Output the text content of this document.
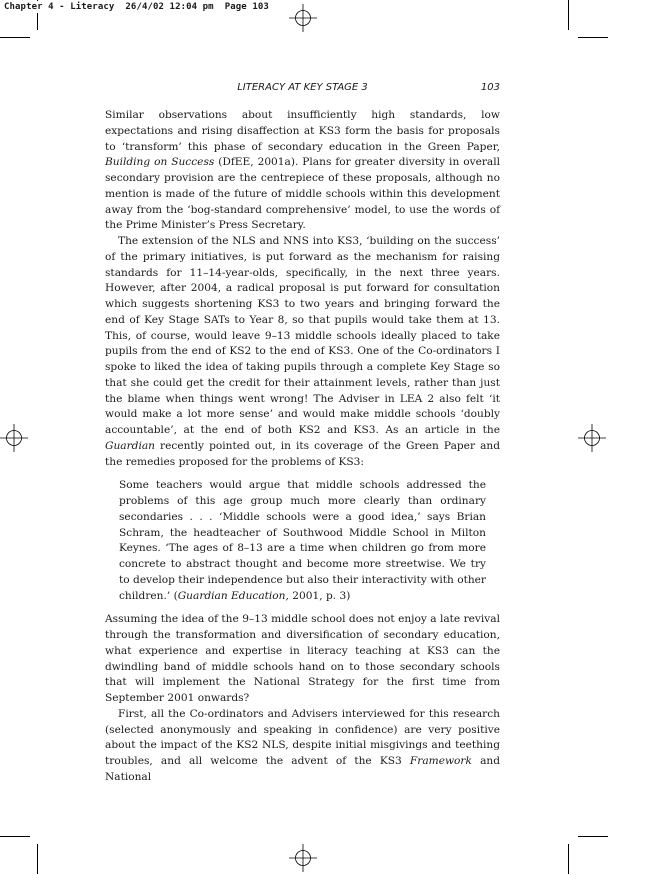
Chapter 4 - Literacy  26/4/02 12:04 pm  Page 103
LITERACY AT KEY STAGE 3	103

Similar observations about insufficiently high standards, low expectations and rising disaffection at KS3 form the basis for proposals to ‘transform’ this phase of secondary education in the Green Paper, Building on Success (DfEE, 2001a). Plans for greater diversity in overall secondary provision are the centrepiece of these proposals, although no mention is made of the future of middle schools within this development away from the ‘bog-standard comprehensive’ model, to use the words of the Prime Minister’s Press Secretary.

The extension of the NLS and NNS into KS3, ‘building on the success’ of the primary initiatives, is put forward as the mechanism for raising standards for 11–14-year-olds, specifically, in the next three years. However, after 2004, a radical proposal is put forward for consultation which suggests shortening KS3 to two years and bringing forward the end of Key Stage SATs to Year 8, so that pupils would take them at 13. This, of course, would leave 9–13 middle schools ideally placed to take pupils from the end of KS2 to the end of KS3. One of the Co-ordinators I spoke to liked the idea of taking pupils through a complete Key Stage so that she could get the credit for their attainment levels, rather than just the blame when things went wrong! The Adviser in LEA 2 also felt ‘it would make a lot more sense’ and would make middle schools ‘doubly accountable’, at the end of both KS2 and KS3. As an article in the Guardian recently pointed out, in its coverage of the Green Paper and the remedies proposed for the problems of KS3:

Some teachers would argue that middle schools addressed the problems of this age group much more clearly than ordinary secondaries . . . ‘Middle schools were a good idea,’ says Brian Schram, the headteacher of Southwood Middle School in Milton Keynes. ‘The ages of 8–13 are a time when children go from more concrete to abstract thought and become more streetwise. We try to develop their independence but also their interactivity with other children.’ (Guardian Education, 2001, p. 3)

Assuming the idea of the 9–13 middle school does not enjoy a late revival through the transformation and diversification of secondary education, what experience and expertise in literacy teaching at KS3 can the dwindling band of middle schools hand on to those secondary schools that will implement the National Strategy for the first time from September 2001 onwards?

First, all the Co-ordinators and Advisers interviewed for this research (selected anonymously and speaking in confidence) are very positive about the impact of the KS2 NLS, despite initial misgivings and teething troubles, and all welcome the advent of the KS3 Framework and National
